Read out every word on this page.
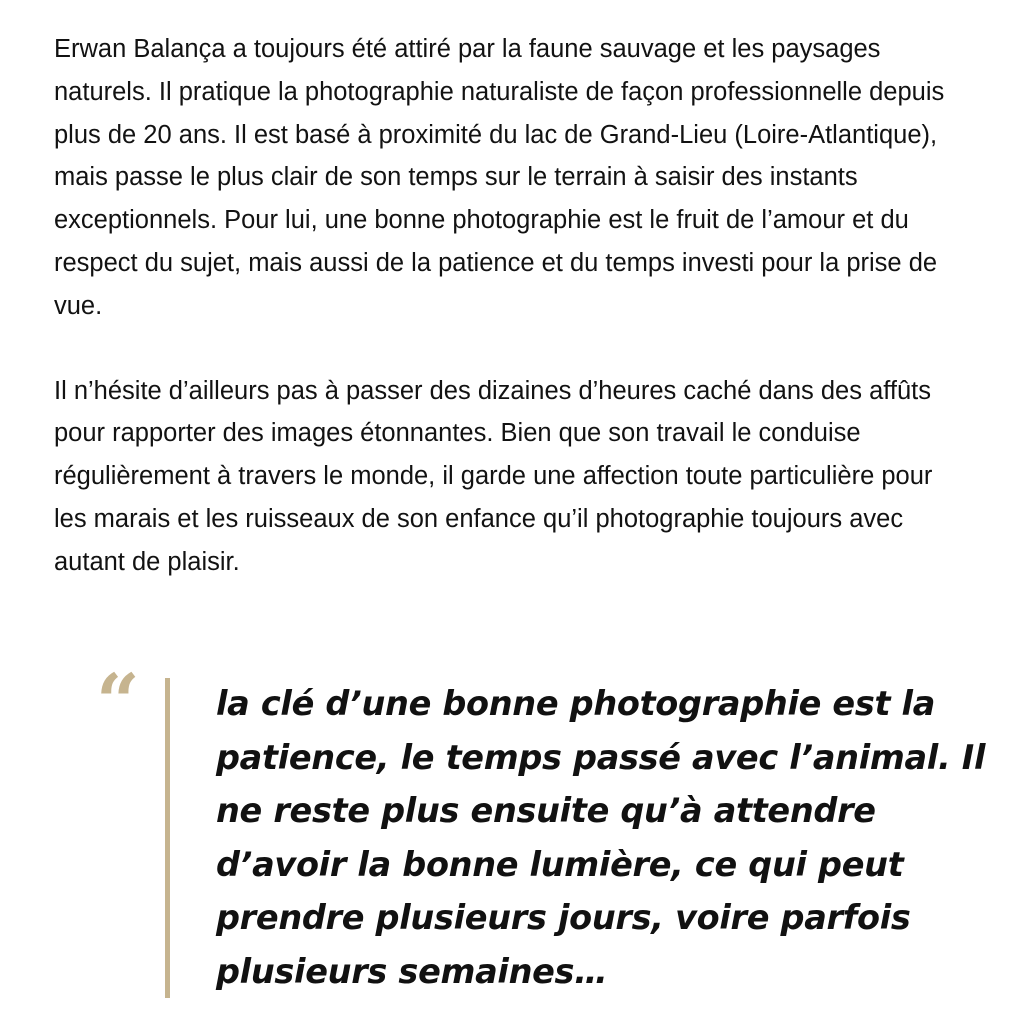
Erwan Balança a toujours été attiré par la faune sauvage et les paysages naturels. Il pratique la photographie naturaliste de façon professionnelle depuis plus de 20 ans. Il est basé à proximité du lac de Grand-Lieu (Loire-Atlantique), mais passe le plus clair de son temps sur le terrain à saisir des instants exceptionnels. Pour lui, une bonne photographie est le fruit de l’amour et du respect du sujet, mais aussi de la patience et du temps investi pour la prise de vue.

Il n’hésite d’ailleurs pas à passer des dizaines d’heures caché dans des affûts pour rapporter des images étonnantes. Bien que son travail le conduise régulièrement à travers le monde, il garde une affection toute particulière pour les marais et les ruisseaux de son enfance qu’il photographie toujours avec autant de plaisir.

“ la clé d’une bonne photographie est la patience, le temps passé avec l’animal. Il ne reste plus ensuite qu’à attendre d’avoir la bonne lumière, ce qui peut prendre plusieurs jours, voire parfois plusieurs semaines…
